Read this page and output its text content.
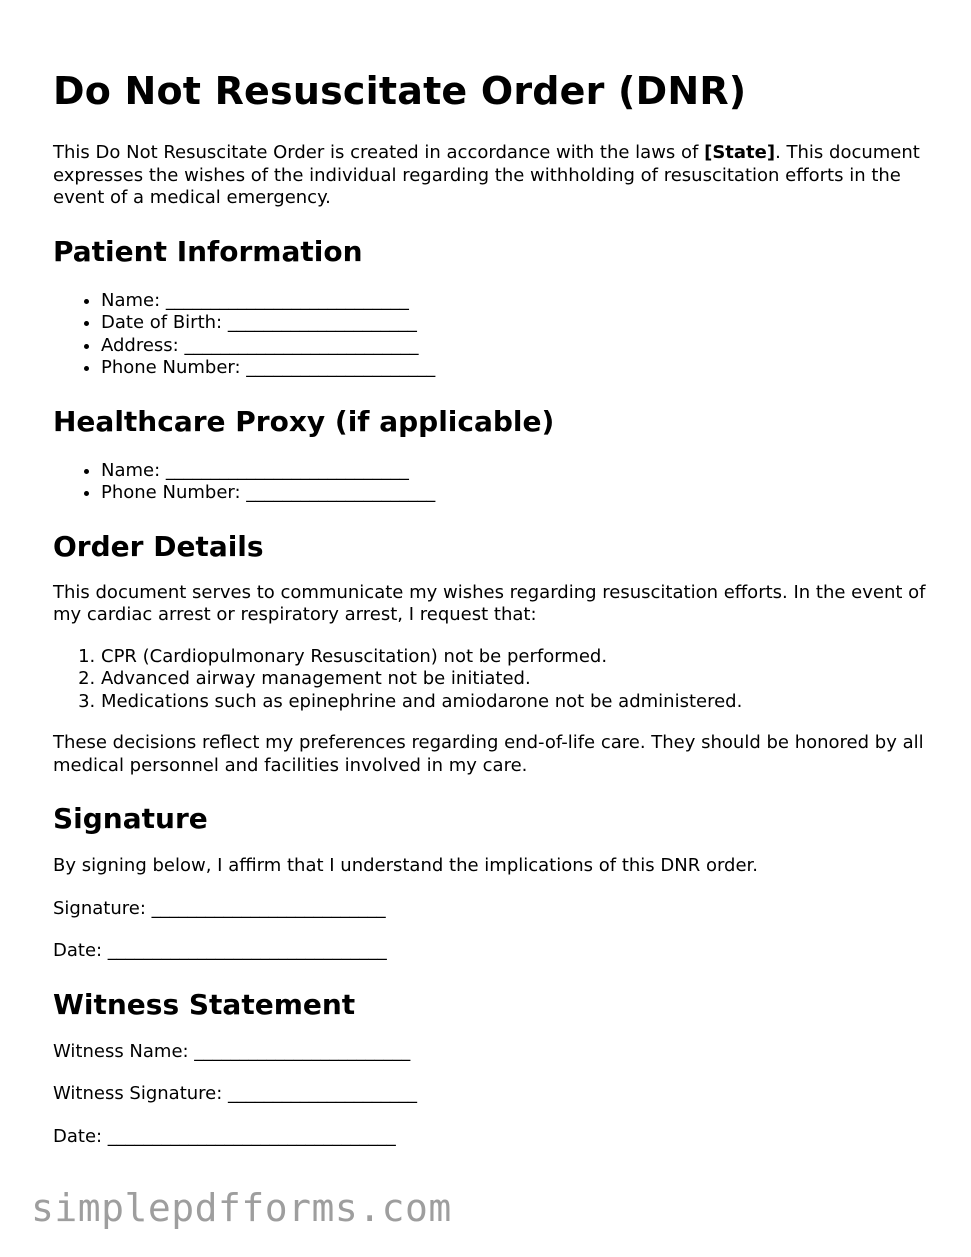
Do Not Resuscitate Order (DNR)

This Do Not Resuscitate Order is created in accordance with the laws of [State]. This document expresses the wishes of the individual regarding the withholding of resuscitation efforts in the event of a medical emergency.

Patient Information
• Name: ___________________________
• Date of Birth: _____________________
• Address: __________________________
• Phone Number: _____________________
Healthcare Proxy (if applicable)
• Name: ___________________________
• Phone Number: _____________________
Order Details

This document serves to communicate my wishes regarding resuscitation efforts. In the event of my cardiac arrest or respiratory arrest, I request that:

1. CPR (Cardiopulmonary Resuscitation) not be performed.
2. Advanced airway management not be initiated.
3. Medications such as epinephrine and amiodarone not be administered.

These decisions reflect my preferences regarding end-of-life care. They should be honored by all medical personnel and facilities involved in my care.

Signature

By signing below, I affirm that I understand the implications of this DNR order.

Signature: __________________________

Date: _______________________________

Witness Statement

Witness Name: ________________________

Witness Signature: _____________________

Date: ________________________________

simplepdfforms.com
